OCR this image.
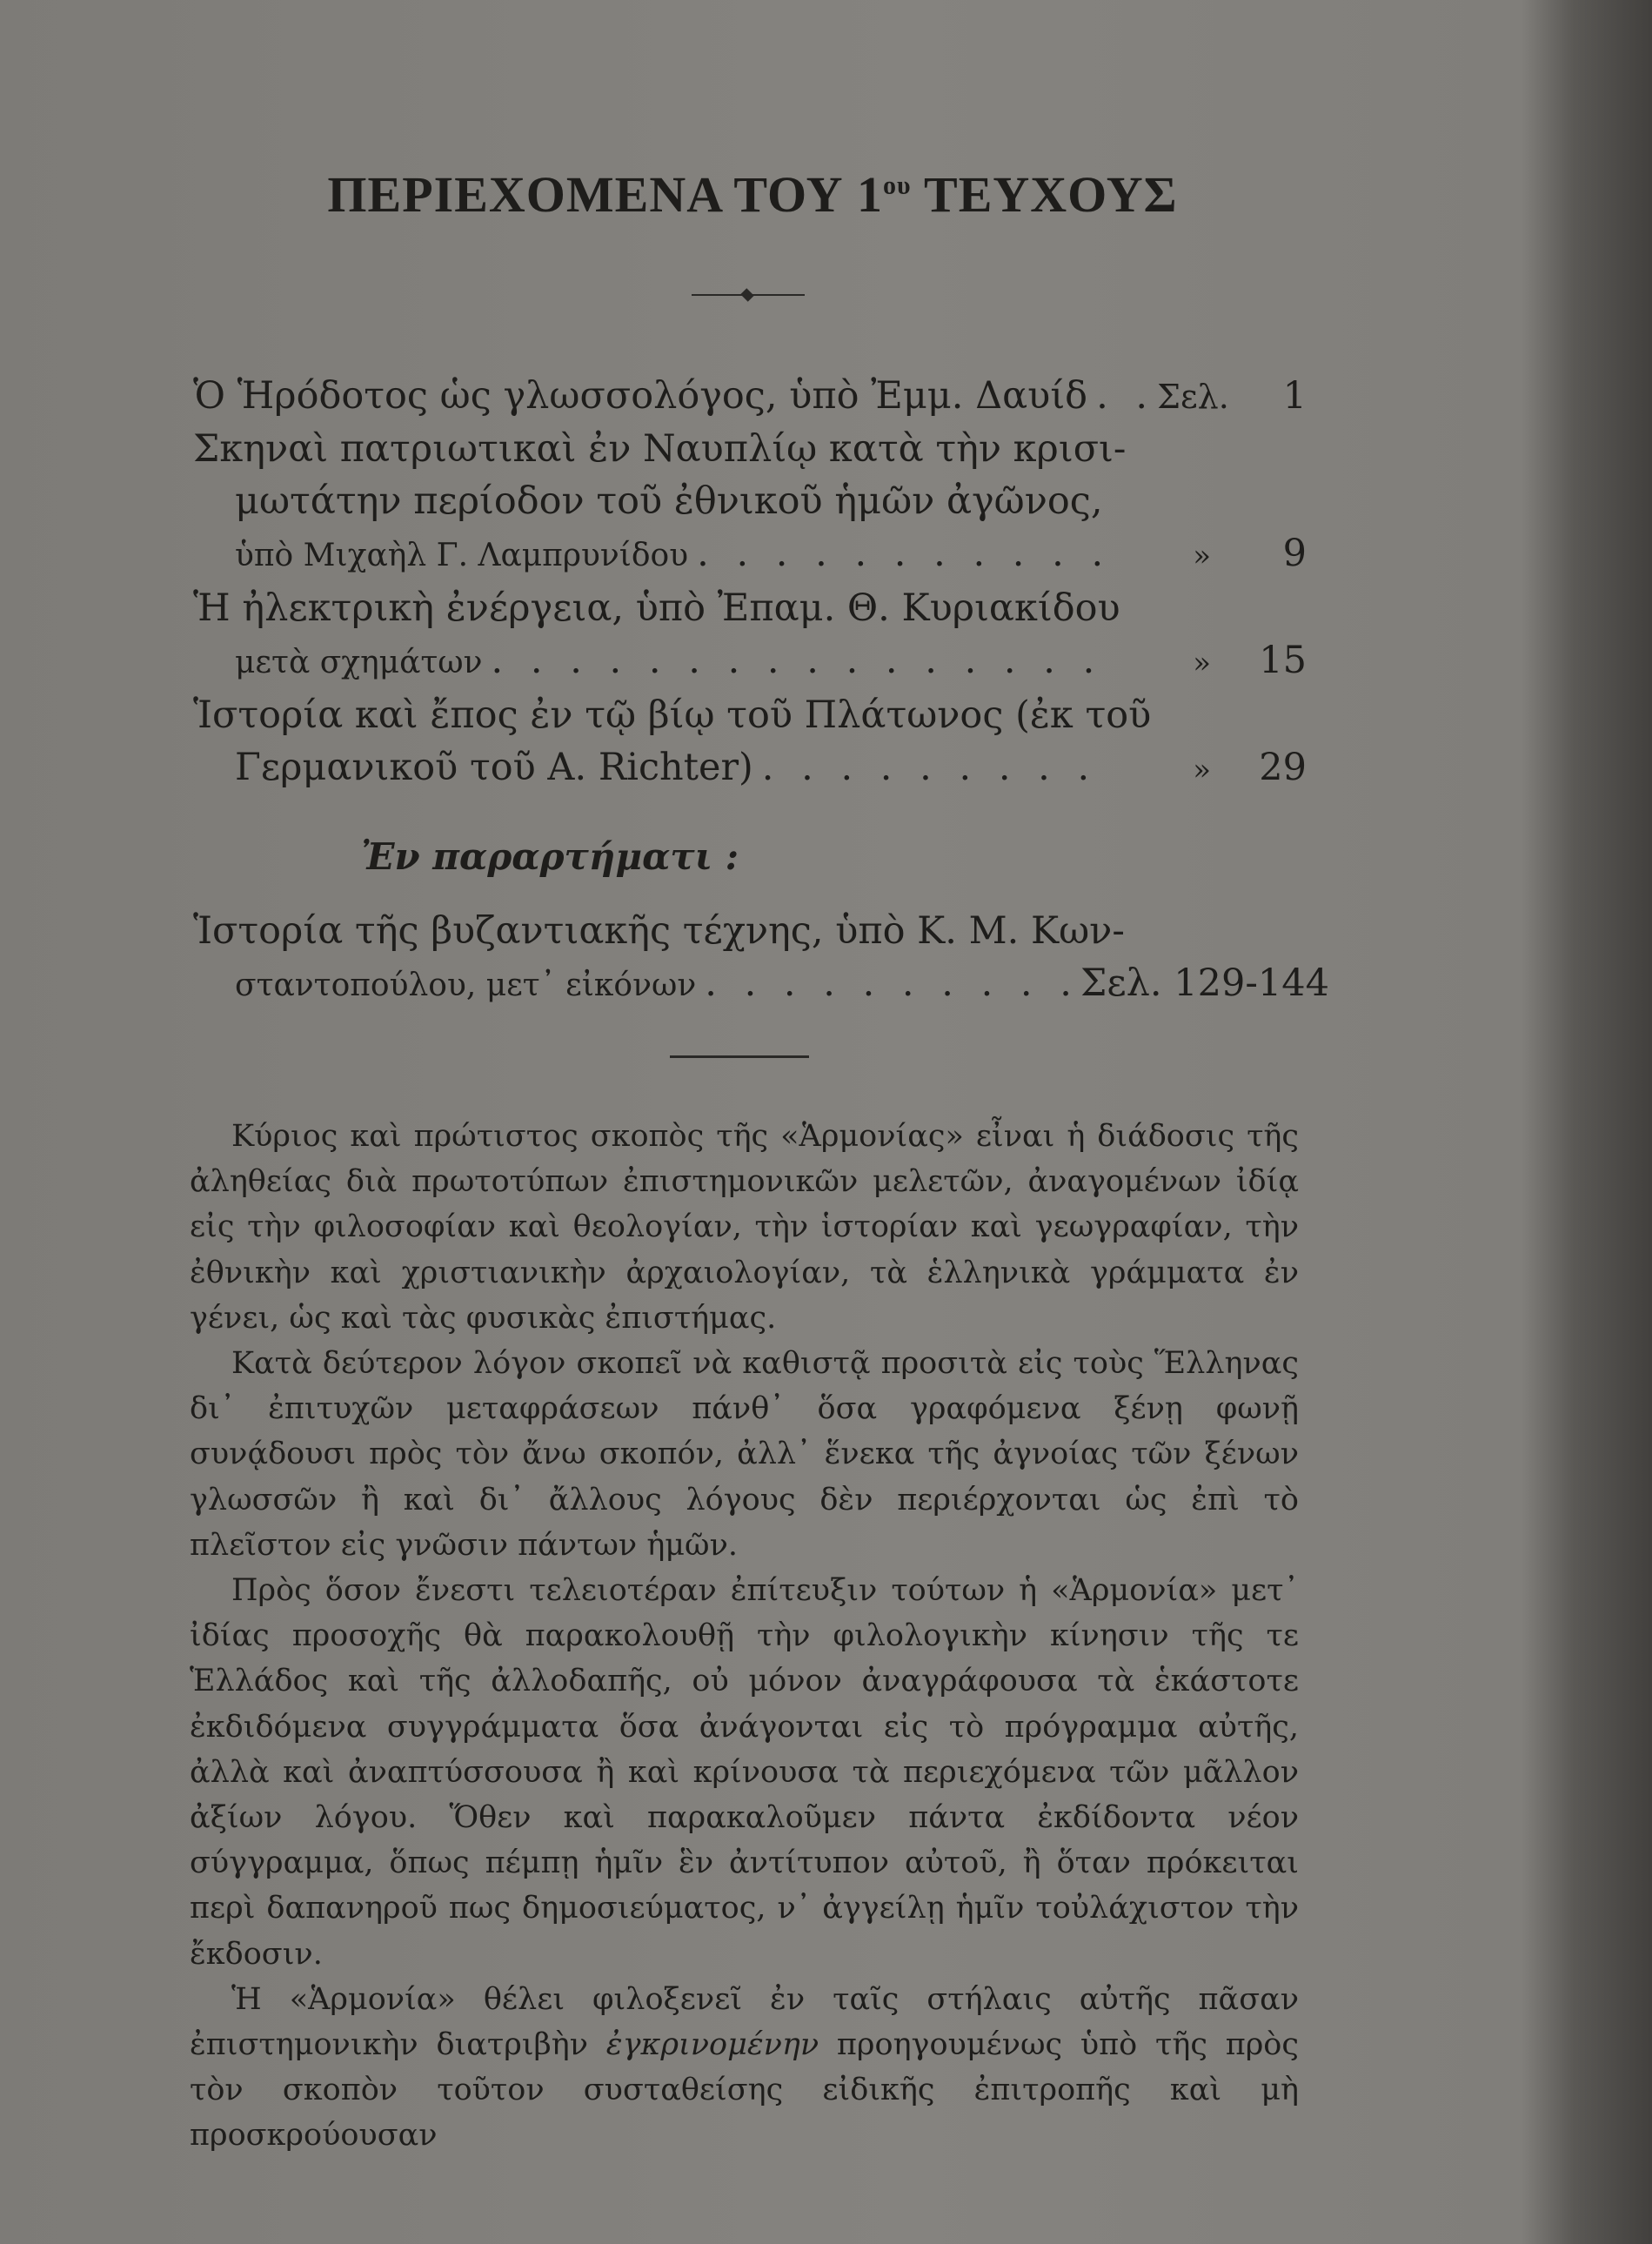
ΠΕΡΙΕΧΟΜΕΝΑ ΤΟΥ $1^{o\upsilon}$ ΤΕΥΧΟΥΣ
Ὁ Ἡρόδοτος ὡς γλωσσολόγος, ὑπὸ Ἐμμ. Δαυίδ . . . Σελ.	1
Σκηναὶ πατριωτικαὶ ἐν Ναυπλίῳ κατὰ τὴν κρισι-
μωτάτην περίοδον τοῦ ἐθνικοῦ ἡμῶν ἀγῶνος,
ὑπὸ Μιχαὴλ Γ. Λαμπρυνίδου . . .	»	9
Ἡ ἠλεκτρικὴ ἐνέργεια, ὑπὸ Ἐπαμ. Θ. Κυριακίδου
μετὰ σχημάτων . . .	»	15
Ἱστορία καὶ ἔπος ἐν τῷ βίῳ τοῦ Πλάτωνος (ἐκ τοῦ
Γερμανικοῦ τοῦ A. Richter) . . .	»	29
Ἐν παραρτήματι :
Ἱστορία τῆς βυζαντιακῆς τέχνης, ὑπὸ Κ. Μ. Κων-
σταντοπούλου, μετ᾽ εἰκόνων . . .	Σελ. 129-144

Κύριος καὶ πρώτιστος σκοπὸς τῆς «Ἁρμονίας» εἶναι ἡ διάδοσις τῆς ἀληθείας διὰ πρωτοτύπων ἐπιστημονικῶν μελετῶν, ἀναγομένων ἰδίᾳ εἰς τὴν φιλοσοφίαν καὶ θεολογίαν, τὴν ἱστορίαν καὶ γεωγραφίαν, τὴν ἐθνικὴν καὶ χριστιανικὴν ἀρχαιολογίαν, τὰ ἑλληνικὰ γράμματα ἐν γένει, ὡς καὶ τὰς φυσικὰς ἐπιστήμας.

Κατὰ δεύτερον λόγον σκοπεῖ νὰ καθιστᾷ προσιτὰ εἰς τοὺς Ἕλληνας δι᾽ ἐπιτυχῶν μεταφράσεων πάνθ᾽ ὅσα γραφόμενα ξένῃ φωνῇ συνᾴδουσι πρὸς τὸν ἄνω σκοπόν, ἀλλ᾽ ἕνεκα τῆς ἀγνοίας τῶν ξένων γλωσσῶν ἢ καὶ δι᾽ ἄλλους λόγους δὲν περιέρχονται ὡς ἐπὶ τὸ πλεῖστον εἰς γνῶσιν πάντων ἡμῶν.

Πρὸς ὅσον ἔνεστι τελειοτέραν ἐπίτευξιν τούτων ἡ «Ἁρμονία» μετ᾽ ἰδίας προσοχῆς θὰ παρακολουθῇ τὴν φιλολογικὴν κίνησιν τῆς τε Ἑλλάδος καὶ τῆς ἀλλοδαπῆς, οὐ μόνον ἀναγράφουσα τὰ ἑκάστοτε ἐκδιδόμενα συγγράμματα ὅσα ἀνάγονται εἰς τὸ πρόγραμμα αὐτῆς, ἀλλὰ καὶ ἀναπτύσσουσα ἢ καὶ κρίνουσα τὰ περιεχόμενα τῶν μᾶλλον ἀξίων λόγου. Ὅθεν καὶ παρακαλοῦμεν πάντα ἐκδίδοντα νέον σύγγραμμα, ὅπως πέμπῃ ἡμῖν ἓν ἀντίτυπον αὐτοῦ, ἢ ὅταν πρόκειται περὶ δαπανηροῦ πως δημοσιεύματος, ν᾽ ἀγγείλῃ ἡμῖν τοὐλάχιστον τὴν ἔκδοσιν.

Ἡ «Ἁρμονία» θέλει φιλοξενεῖ ἐν ταῖς στήλαις αὐτῆς πᾶσαν ἐπιστημονικὴν διατριβὴν ἐγκρινομένην προηγουμένως ὑπὸ τῆς πρὸς τὸν σκοπὸν τοῦτον συσταθείσης εἰδικῆς ἐπιτροπῆς καὶ μὴ προσκρούουσαν
